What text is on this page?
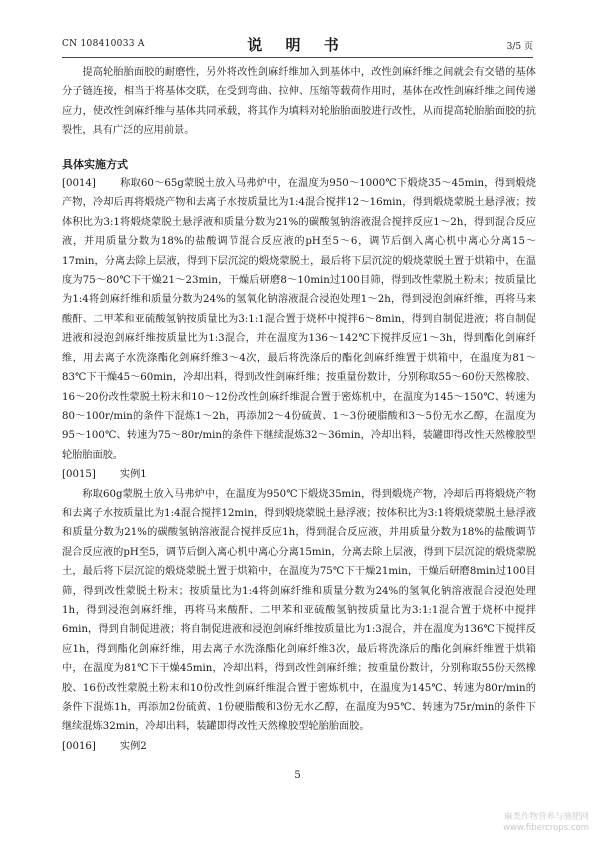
CN 108410033 A	说 明 书	3/5 页

提高轮胎胎面胶的耐磨性，另外将改性剑麻纤维加入到基体中，改性剑麻纤维之间就会有交错的基体分子链连接，相当于将基体交联，在受到弯曲、拉伸、压缩等载荷作用时，基体在改性剑麻纤维之间传递应力，使改性剑麻纤维与基体共同承载，将其作为填料对轮胎胎面胶进行改性，从而提高轮胎胎面胶的抗裂性，具有广泛的应用前景。

具体实施方式

[0014] 称取60～65g蒙脱土放入马弗炉中，在温度为950～1000℃下煅烧35～45min，得到煅烧产物，冷却后再将煅烧产物和去离子水按质量比为1:4混合搅拌12～16min，得到煅烧蒙脱土悬浮液；按体积比为3:1将煅烧蒙脱土悬浮液和质量分数为21%的碳酸氢钠溶液混合搅拌反应1～2h，得到混合反应液，并用质量分数为18%的盐酸调节混合反应液的pH至5～6，调节后倒入离心机中离心分离15～17min，分离去除上层液，得到下层沉淀的煅烧蒙脱土，最后将下层沉淀的煅烧蒙脱土置于烘箱中，在温度为75～80℃下干燥21～23min，干燥后研磨8～10min过100目筛，得到改性蒙脱土粉末；按质量比为1:4将剑麻纤维和质量分数为24%的氢氧化钠溶液混合浸泡处理1～2h，得到浸泡剑麻纤维，再将马来酸酐、二甲苯和亚硫酸氢钠按质量比为3:1:1混合置于烧杯中搅拌6～8min，得到自制促进液；将自制促进液和浸泡剑麻纤维按质量比为1:3混合，并在温度为136～142℃下搅拌反应1～3h，得到酯化剑麻纤维，用去离子水洗涤酯化剑麻纤维3～4次，最后将洗涤后的酯化剑麻纤维置于烘箱中，在温度为81～83℃下干燥45～60min，冷却出料，得到改性剑麻纤维；按重量份数计，分别称取55～60份天然橡胶、16～20份改性蒙脱土粉末和10～12份改性剑麻纤维混合置于密炼机中，在温度为145～150℃、转速为80～100r/min的条件下混炼1～2h，再添加2～4份硫黄、1～3份硬脂酸和3～5份无水乙醇，在温度为95～100℃、转速为75～80r/min的条件下继续混炼32～36min，冷却出料，装罐即得改性天然橡胶型轮胎胎面胶。

[0015] 实例1

称取60g蒙脱土放入马弗炉中，在温度为950℃下煅烧35min，得到煅烧产物，冷却后再将煅烧产物和去离子水按质量比为1:4混合搅拌12min，得到煅烧蒙脱土悬浮液；按体积比为3:1将煅烧蒙脱土悬浮液和质量分数为21%的碳酸氢钠溶液混合搅拌反应1h，得到混合反应液，并用质量分数为18%的盐酸调节混合反应液的pH至5，调节后倒入离心机中离心分离15min，分离去除上层液，得到下层沉淀的煅烧蒙脱土，最后将下层沉淀的煅烧蒙脱土置于烘箱中，在温度为75℃下干燥21min，干燥后研磨8min过100目筛，得到改性蒙脱土粉末；按质量比为1:4将剑麻纤维和质量分数为24%的氢氧化钠溶液混合浸泡处理1h，得到浸泡剑麻纤维，再将马来酸酐、二甲苯和亚硫酸氢钠按质量比为3:1:1混合置于烧杯中搅拌6min，得到自制促进液；将自制促进液和浸泡剑麻纤维按质量比为1:3混合，并在温度为136℃下搅拌反应1h，得到酯化剑麻纤维，用去离子水洗涤酯化剑麻纤维3次，最后将洗涤后的酯化剑麻纤维置于烘箱中，在温度为81℃下干燥45min，冷却出料，得到改性剑麻纤维；按重量份数计，分别称取55份天然橡胶、16份改性蒙脱土粉末和10份改性剑麻纤维混合置于密炼机中，在温度为145℃、转速为80r/min的条件下混炼1h，再添加2份硫黄、1份硬脂酸和3份无水乙醇，在温度为95℃、转速为75r/min的条件下继续混炼32min，冷却出料，装罐即得改性天然橡胶型轮胎胎面胶。

[0016] 实例2

5
麻类作物营养与施肥网
www.fibercrops.com
